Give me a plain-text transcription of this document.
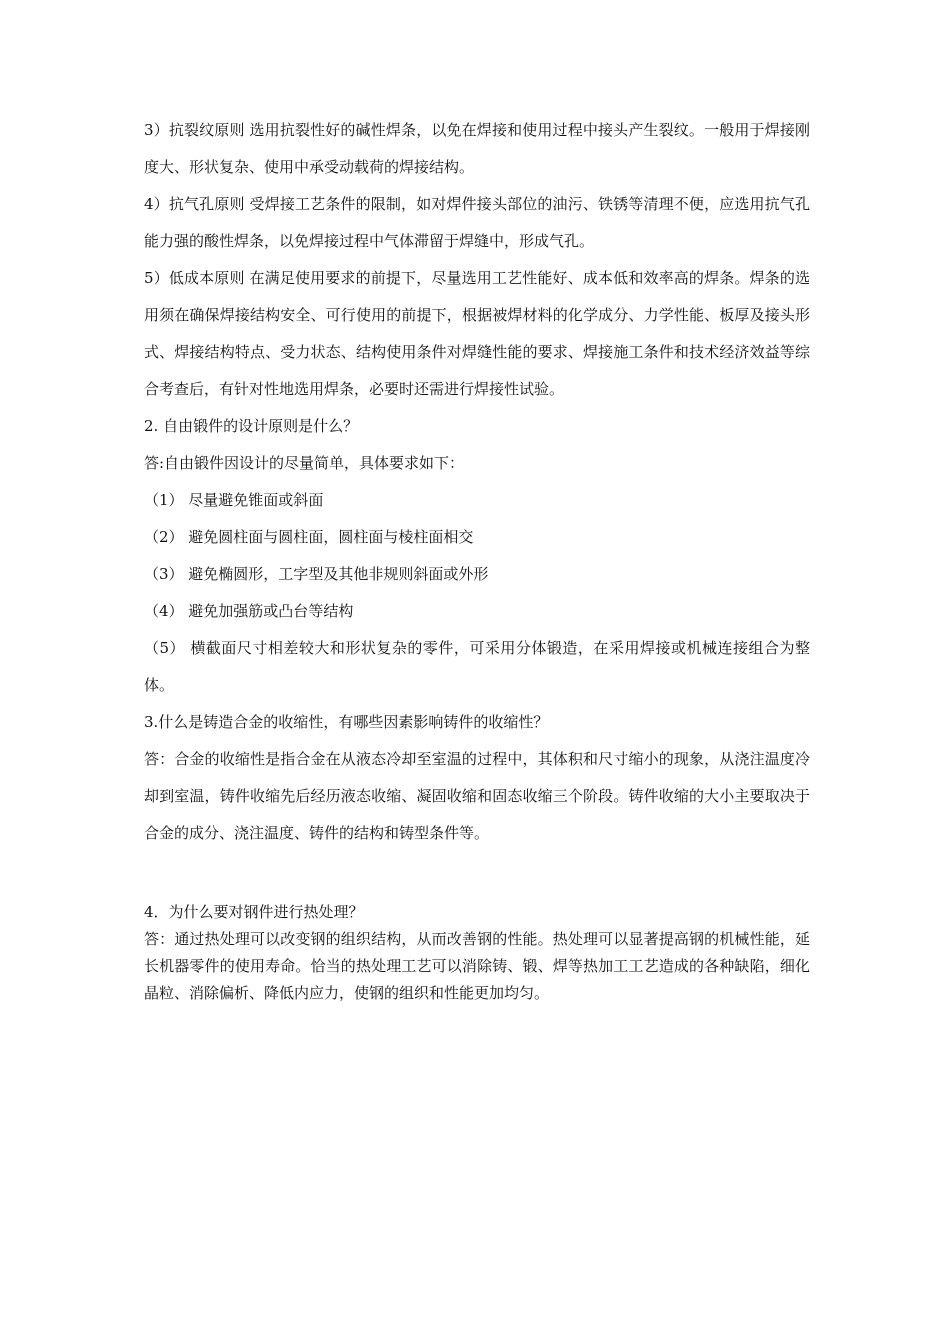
3）抗裂纹原则 选用抗裂性好的碱性焊条，以免在焊接和使用过程中接头产生裂纹。一般用于焊接刚度大、形状复杂、使用中承受动载荷的焊接结构。

4）抗气孔原则 受焊接工艺条件的限制，如对焊件接头部位的油污、铁锈等清理不便，应选用抗气孔能力强的酸性焊条，以免焊接过程中气体滞留于焊缝中，形成气孔。

5）低成本原则 在满足使用要求的前提下，尽量选用工艺性能好、成本低和效率高的焊条。焊条的选用须在确保焊接结构安全、可行使用的前提下，根据被焊材料的化学成分、力学性能、板厚及接头形式、焊接结构特点、受力状态、结构使用条件对焊缝性能的要求、焊接施工条件和技术经济效益等综合考查后，有针对性地选用焊条，必要时还需进行焊接性试验。

2. 自由锻件的设计原则是什么？

答:自由锻件因设计的尽量简单，具体要求如下：

（1） 尽量避免锥面或斜面

（2） 避免圆柱面与圆柱面，圆柱面与棱柱面相交

（3） 避免椭圆形，工字型及其他非规则斜面或外形

（4） 避免加强筋或凸台等结构

（5） 横截面尺寸相差较大和形状复杂的零件，可采用分体锻造，在采用焊接或机械连接组合为整体。

3.什么是铸造合金的收缩性，有哪些因素影响铸件的收缩性？

答：合金的收缩性是指合金在从液态冷却至室温的过程中，其体积和尺寸缩小的现象，从浇注温度冷却到室温，铸件收缩先后经历液态收缩、凝固收缩和固态收缩三个阶段。铸件收缩的大小主要取决于合金的成分、浇注温度、铸件的结构和铸型条件等。

4．为什么要对钢件进行热处理？

答：通过热处理可以改变钢的组织结构，从而改善钢的性能。热处理可以显著提高钢的机械性能，延长机器零件的使用寿命。恰当的热处理工艺可以消除铸、锻、焊等热加工工艺造成的各种缺陷，细化晶粒、消除偏析、降低内应力，使钢的组织和性能更加均匀。
